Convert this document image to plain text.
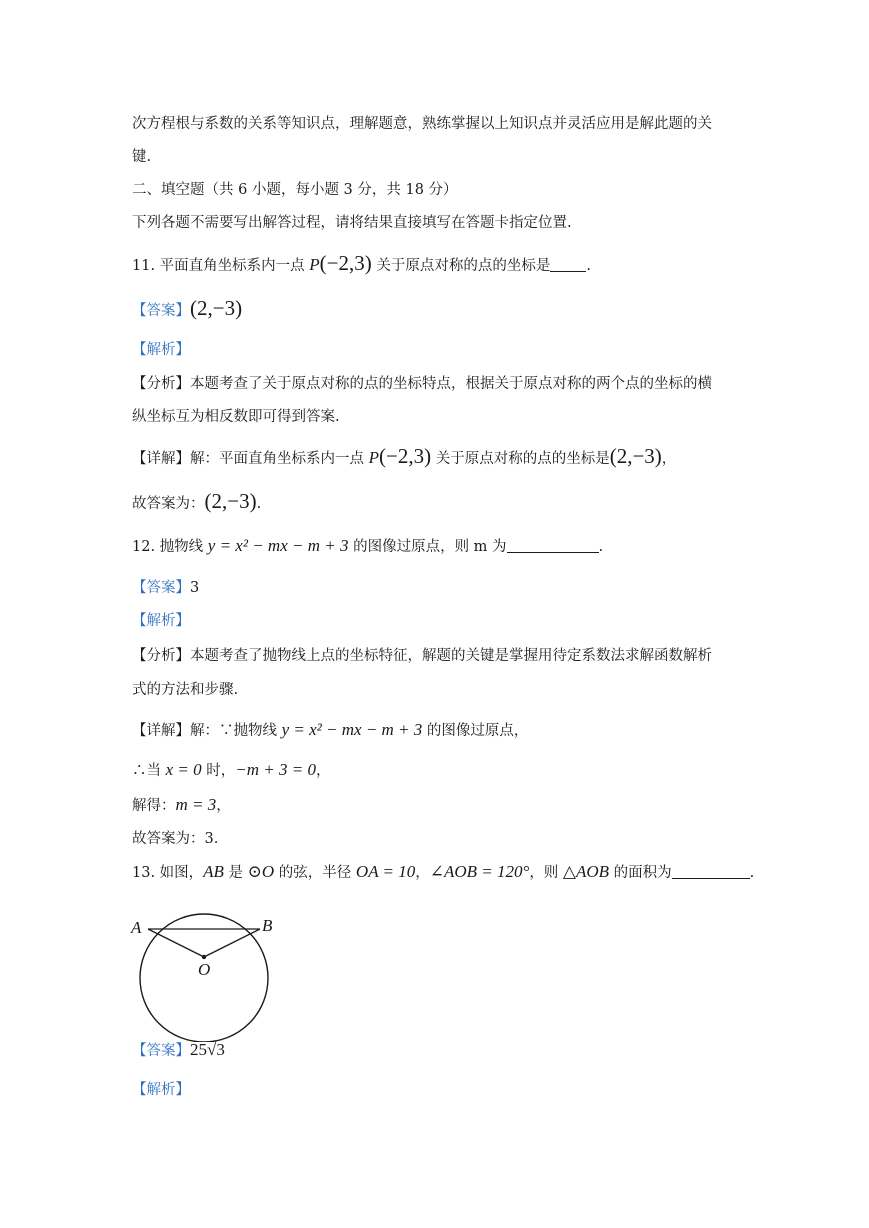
次方程根与系数的关系等知识点，理解题意，熟练掌握以上知识点并灵活应用是解此题的关
键.
二、填空题（共 6 小题，每小题 3 分，共 18 分）
下列各题不需要写出解答过程，请将结果直接填写在答题卡指定位置.
11. 平面直角坐标系内一点 P(−2,3) 关于原点对称的点的坐标是 .
【答案】(2,−3)
【解析】
【分析】本题考查了关于原点对称的点的坐标特点，根据关于原点对称的两个点的坐标的横
纵坐标互为相反数即可得到答案.
【详解】解：平面直角坐标系内一点 P(−2,3) 关于原点对称的点的坐标是(2,−3)，
故答案为：(2,−3).
12. 抛物线 y = x² − mx − m + 3 的图像过原点，则 m 为	.
【答案】3
【解析】
【分析】本题考查了抛物线上点的坐标特征，解题的关键是掌握用待定系数法求解函数解析
式的方法和步骤.
【详解】解：∵抛物线 y = x² − mx − m + 3 的图像过原点，
∴当 x = 0 时，−m + 3 = 0，
解得：m = 3，
故答案为：3.
13. 如图，AB 是 ⊙O 的弦，半径 OA = 10，∠AOB = 120°，则 △AOB 的面积为	.
A	B
O
【答案】25√3
【解析】
